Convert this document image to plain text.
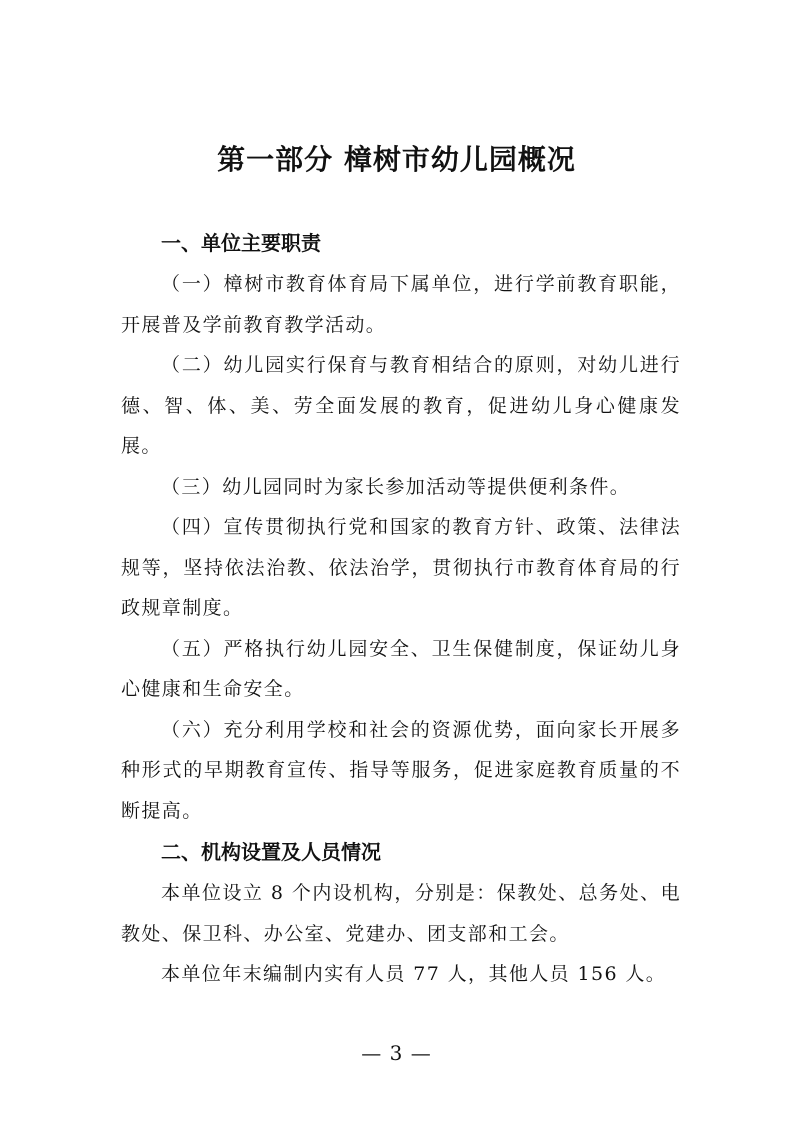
第一部分 樟树市幼儿园概况
一、单位主要职责

（一）樟树市教育体育局下属单位，进行学前教育职能，开展普及学前教育教学活动。

（二）幼儿园实行保育与教育相结合的原则，对幼儿进行德、智、体、美、劳全面发展的教育，促进幼儿身心健康发展。

（三）幼儿园同时为家长参加活动等提供便利条件。

（四）宣传贯彻执行党和国家的教育方针、政策、法律法规等，坚持依法治教、依法治学，贯彻执行市教育体育局的行政规章制度。

（五）严格执行幼儿园安全、卫生保健制度，保证幼儿身心健康和生命安全。

（六）充分利用学校和社会的资源优势，面向家长开展多种形式的早期教育宣传、指导等服务，促进家庭教育质量的不断提高。

二、机构设置及人员情况

本单位设立 8 个内设机构，分别是：保教处、总务处、电教处、保卫科、办公室、党建办、团支部和工会。

本单位年末编制内实有人员 77 人，其他人员 156 人。

— 3 —
